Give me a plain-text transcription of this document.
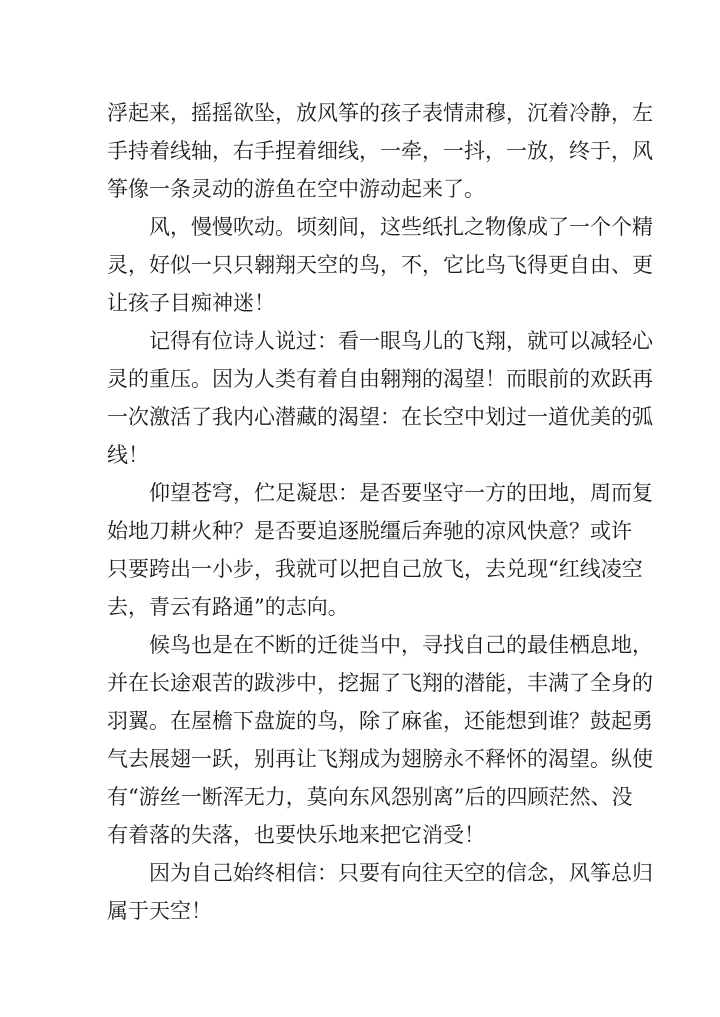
浮起来，摇摇欲坠，放风筝的孩子表情肃穆，沉着冷静，左
手持着线轴，右手捏着细线，一牵，一抖，一放，终于，风
筝像一条灵动的游鱼在空中游动起来了。
风，慢慢吹动。顷刻间，这些纸扎之物像成了一个个精
灵，好似一只只翱翔天空的鸟，不，它比鸟飞得更自由、更
让孩子目痴神迷！
记得有位诗人说过：看一眼鸟儿的飞翔，就可以减轻心
灵的重压。因为人类有着自由翱翔的渴望！而眼前的欢跃再
一次激活了我内心潜藏的渴望：在长空中划过一道优美的弧
线！
仰望苍穹，伫足凝思：是否要坚守一方的田地，周而复
始地刀耕火种？是否要追逐脱缰后奔驰的凉风快意？或许
只要跨出一小步，我就可以把自己放飞，去兑现“红线凌空
去，青云有路通”的志向。
候鸟也是在不断的迁徙当中，寻找自己的最佳栖息地，
并在长途艰苦的跋涉中，挖掘了飞翔的潜能，丰满了全身的
羽翼。在屋檐下盘旋的鸟，除了麻雀，还能想到谁？鼓起勇
气去展翅一跃，别再让飞翔成为翅膀永不释怀的渴望。纵使
有“游丝一断浑无力，莫向东风怨别离”后的四顾茫然、没
有着落的失落，也要快乐地来把它消受！
因为自己始终相信：只要有向往天空的信念，风筝总归
属于天空！
